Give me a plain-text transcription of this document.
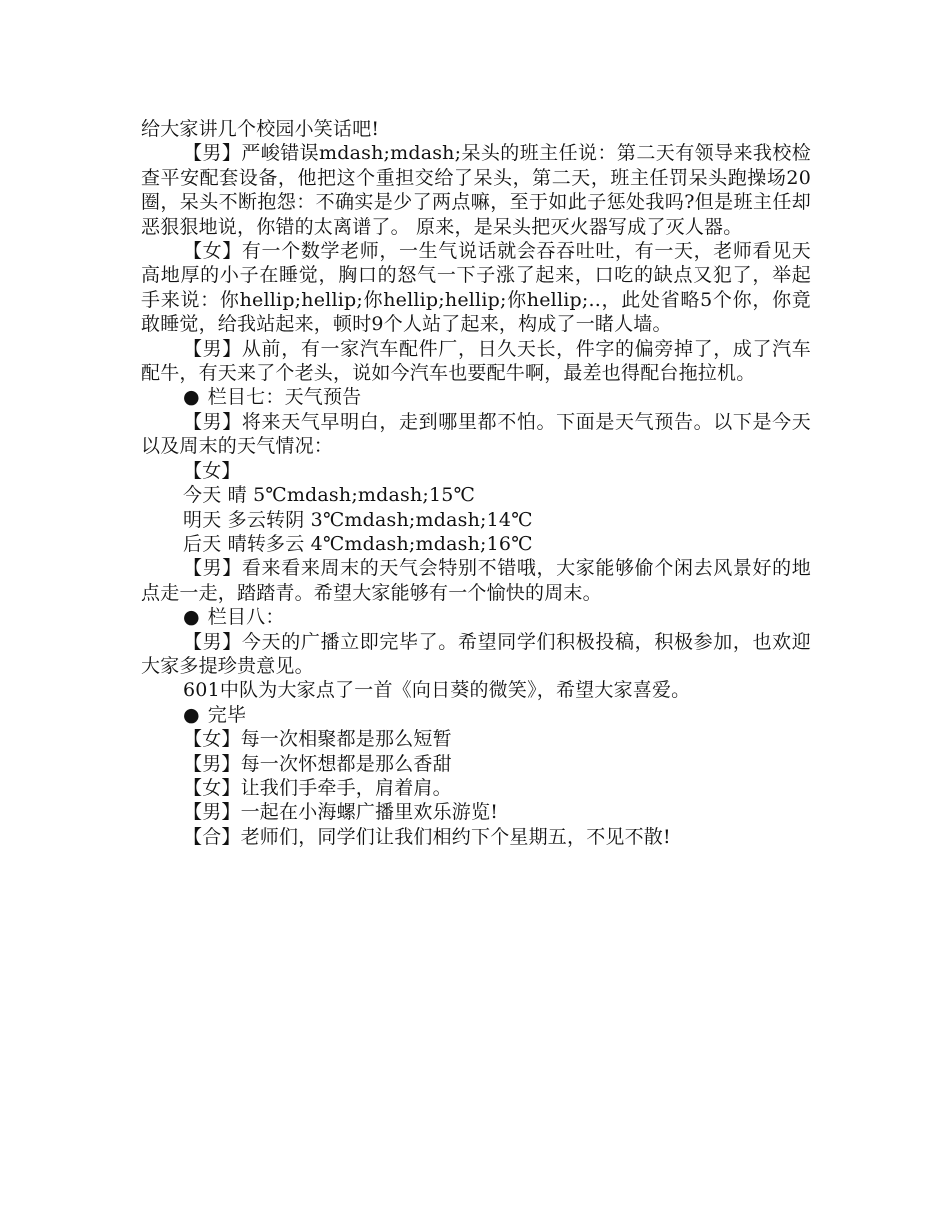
给大家讲几个校园小笑话吧!

【男】严峻错误mdash;mdash;呆头的班主任说：第二天有领导来我校检查平安配套设备，他把这个重担交给了呆头，第二天，班主任罚呆头跑操场20圈，呆头不断抱怨：不确实是少了两点嘛，至于如此子惩处我吗?但是班主任却恶狠狠地说，你错的太离谱了。 原来，是呆头把灭火器写成了灭人器。

【女】有一个数学老师，一生气说话就会吞吞吐吐，有一天，老师看见天高地厚的小子在睡觉，胸口的怒气一下子涨了起来，口吃的缺点又犯了，举起手来说：你hellip;hellip;你hellip;hellip;你hellip;..，此处省略5个你，你竟敢睡觉，给我站起来，顿时9个人站了起来，构成了一睹人墙。

【男】从前，有一家汽车配件厂，日久天长，件字的偏旁掉了，成了汽车配牛，有天来了个老头，说如今汽车也要配牛啊，最差也得配台拖拉机。

● 栏目七：天气预告

【男】将来天气早明白，走到哪里都不怕。下面是天气预告。以下是今天以及周末的天气情况：

【女】

今天 晴 5℃mdash;mdash;15℃

明天 多云转阴 3℃mdash;mdash;14℃

后天 晴转多云 4℃mdash;mdash;16℃

【男】看来看来周末的天气会特别不错哦，大家能够偷个闲去风景好的地点走一走，踏踏青。希望大家能够有一个愉快的周末。

● 栏目八：

【男】今天的广播立即完毕了。希望同学们积极投稿，积极参加，也欢迎大家多提珍贵意见。

601中队为大家点了一首《向日葵的微笑》，希望大家喜爱。

● 完毕

【女】每一次相聚都是那么短暂

【男】每一次怀想都是那么香甜

【女】让我们手牵手，肩着肩。

【男】一起在小海螺广播里欢乐游览!

【合】老师们，同学们让我们相约下个星期五，不见不散!
